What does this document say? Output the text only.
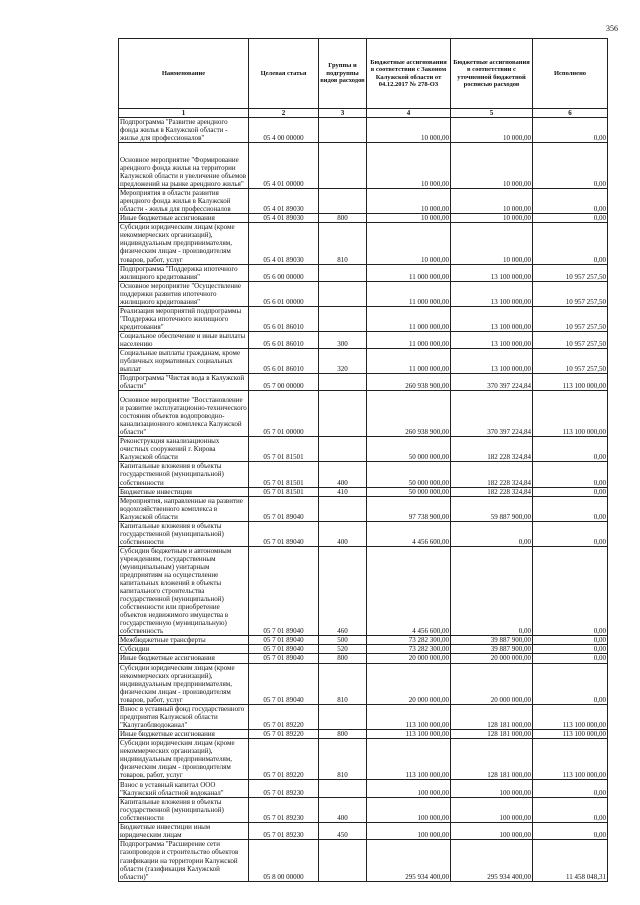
356
Наименование	Целевая статья	Группы и подгруппы видов расходов	Бюджетные ассигнования в соответствии с Законом Калужской области от 04.12.2017 № 278-ОЗ	Бюджетные ассигнования в соответствии с уточненной бюджетной росписью расходов	Исполнено
1	2	3	4	5	6
Подпрограмма "Развитие арендного фонда жилья в Калужской области - жилье для профессионалов"	05 4 00 00000		10 000,00	10 000,00	0,00
Основное мероприятие "Формирование арендного фонда жилья на территории Калужской области и увеличение объемов предложений на рынке арендного жилья"	05 4 01 00000		10 000,00	10 000,00	0,00
Мероприятия в области развития арендного фонда жилья в Калужской области - жилья для профессионалов	05 4 01 89030		10 000,00	10 000,00	0,00
Иные бюджетные ассигнования	05 4 01 89030	800	10 000,00	10 000,00	0,00
Субсидии юридическим лицам (кроме некоммерческих организаций), индивидуальным предпринимателям, физическим лицам - производителям товаров, работ, услуг	05 4 01 89030	810	10 000,00	10 000,00	0,00
Подпрограмма "Поддержка ипотечного жилищного кредитования"	05 6 00 00000		11 000 000,00	13 100 000,00	10 957 257,50
Основное мероприятие "Осуществление поддержки развития ипотечного жилищного кредитования"	05 6 01 00000		11 000 000,00	13 100 000,00	10 957 257,50
Реализация мероприятий подпрограммы "Поддержка ипотечного жилищного кредитования"	05 6 01 86010		11 000 000,00	13 100 000,00	10 957 257,50
Социальное обеспечение и иные выплаты населению	05 6 01 86010	300	11 000 000,00	13 100 000,00	10 957 257,50
Социальные выплаты гражданам, кроме публичных нормативных социальных выплат	05 6 01 86010	320	11 000 000,00	13 100 000,00	10 957 257,50
Подпрограмма "Чистая вода в Калужской области"	05 7 00 00000		260 938 900,00	370 397 224,84	113 100 000,00
Основное мероприятие "Восстановление и развитие эксплуатационно-технического состояния объектов водопроводно-канализационного комплекса Калужской области"	05 7 01 00000		260 938 900,00	370 397 224,84	113 100 000,00
Реконструкция канализационных очистных сооружений г. Кирова Калужской области	05 7 01 81501		50 000 000,00	182 228 324,84	0,00
Капитальные вложения в объекты государственной (муниципальной) собственности	05 7 01 81501	400	50 000 000,00	182 228 324,84	0,00
Бюджетные инвестиции	05 7 01 81501	410	50 000 000,00	182 228 324,84	0,00
Мероприятия, направленные на развитие водохозяйственного комплекса в Калужской области	05 7 01 89040		97 738 900,00	59 887 900,00	0,00
Капитальные вложения в объекты государственной (муниципальной) собственности	05 7 01 89040	400	4 456 600,00	0,00	0,00
Субсидии бюджетным и автономным учреждениям, государственным (муниципальным) унитарным предприятиям на осуществление капитальных вложений в объекты капитального строительства государственной (муниципальной) собственности или приобретение объектов недвижимого имущества в государственную (муниципальную) собственность	05 7 01 89040	460	4 456 600,00	0,00	0,00
Межбюджетные трансферты	05 7 01 89040	500	73 282 300,00	39 887 900,00	0,00
Субсидии	05 7 01 89040	520	73 282 300,00	39 887 900,00	0,00
Иные бюджетные ассигнования	05 7 01 89040	800	20 000 000,00	20 000 000,00	0,00
Субсидии юридическим лицам (кроме некоммерческих организаций), индивидуальным предпринимателям, физическим лицам - производителям товаров, работ, услуг	05 7 01 89040	810	20 000 000,00	20 000 000,00	0,00
Взнос в уставный фонд государственного предприятия Калужской области "Калугаоблводоканал"	05 7 01 89220		113 100 000,00	128 181 000,00	113 100 000,00
Иные бюджетные ассигнования	05 7 01 89220	800	113 100 000,00	128 181 000,00	113 100 000,00
Субсидии юридическим лицам (кроме некоммерческих организаций), индивидуальным предпринимателям, физическим лицам - производителям товаров, работ, услуг	05 7 01 89220	810	113 100 000,00	128 181 000,00	113 100 000,00
Взнос в уставный капитал ООО "Калужский областной водоканал"	05 7 01 89230		100 000,00	100 000,00	0,00
Капитальные вложения в объекты государственной (муниципальной) собственности	05 7 01 89230	400	100 000,00	100 000,00	0,00
Бюджетные инвестиции иным юридическим лицам	05 7 01 89230	450	100 000,00	100 000,00	0,00
Подпрограмма "Расширение сети газопроводов и строительство объектов газификации на территории Калужской области (газификация Калужской области)"	05 8 00 00000		295 934 400,00	295 934 400,00	11 458 048,31
